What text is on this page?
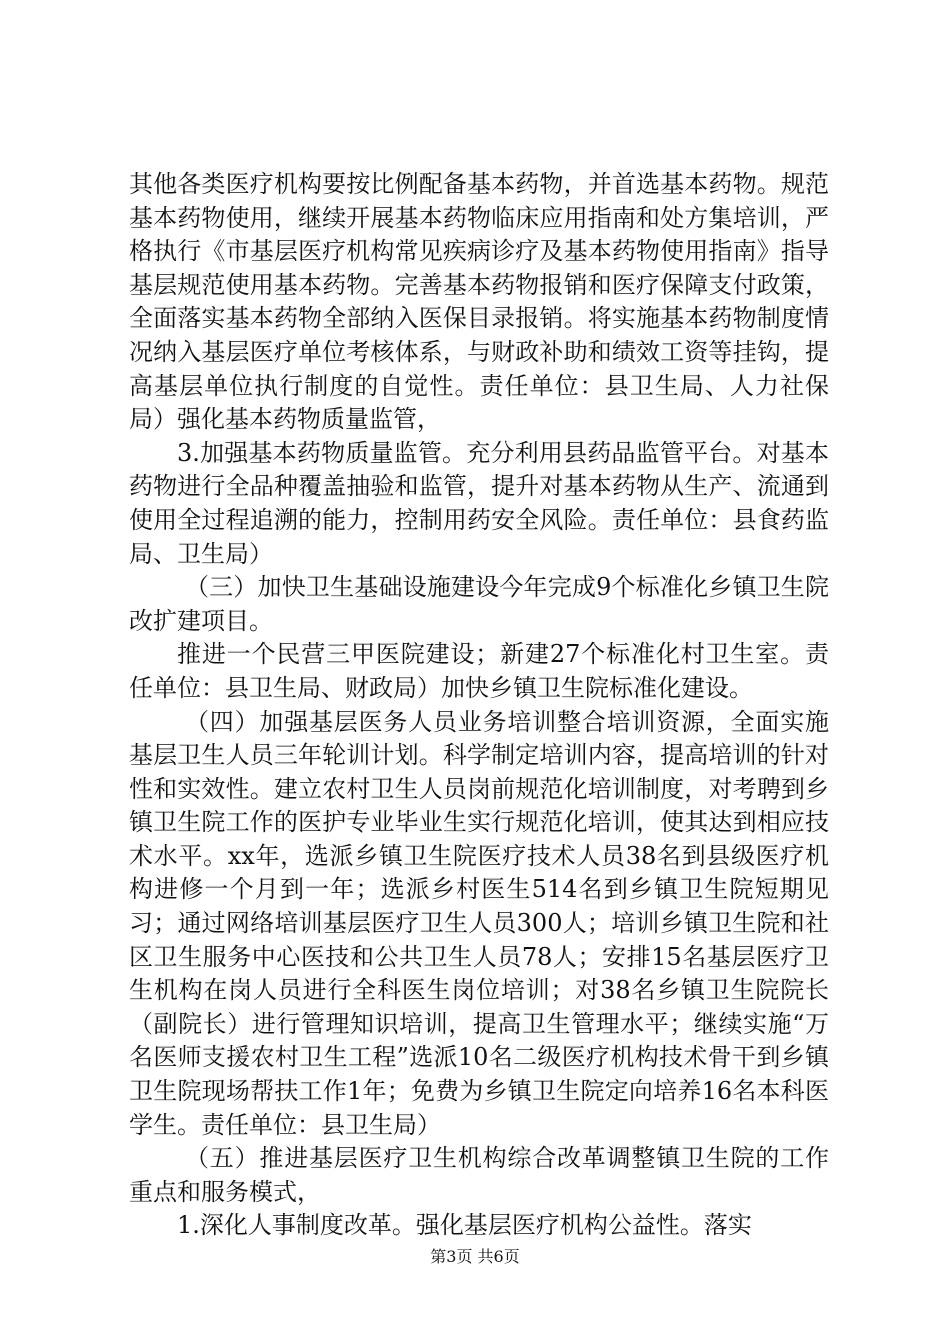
其他各类医疗机构要按比例配备基本药物，并首选基本药物。规范基本药物使用，继续开展基本药物临床应用指南和处方集培训，严格执行《市基层医疗机构常见疾病诊疗及基本药物使用指南》指导基层规范使用基本药物。完善基本药物报销和医疗保障支付政策，全面落实基本药物全部纳入医保目录报销。将实施基本药物制度情况纳入基层医疗单位考核体系，与财政补助和绩效工资等挂钩，提高基层单位执行制度的自觉性。责任单位：县卫生局、人力社保局）强化基本药物质量监管，

3.加强基本药物质量监管。充分利用县药品监管平台。对基本药物进行全品种覆盖抽验和监管，提升对基本药物从生产、流通到使用全过程追溯的能力，控制用药安全风险。责任单位：县食药监局、卫生局）

（三）加快卫生基础设施建设今年完成9个标准化乡镇卫生院改扩建项目。

推进一个民营三甲医院建设；新建27个标准化村卫生室。责任单位：县卫生局、财政局）加快乡镇卫生院标准化建设。

（四）加强基层医务人员业务培训整合培训资源，全面实施基层卫生人员三年轮训计划。科学制定培训内容，提高培训的针对性和实效性。建立农村卫生人员岗前规范化培训制度，对考聘到乡镇卫生院工作的医护专业毕业生实行规范化培训，使其达到相应技术水平。xx年，选派乡镇卫生院医疗技术人员38名到县级医疗机构进修一个月到一年；选派乡村医生514名到乡镇卫生院短期见习；通过网络培训基层医疗卫生人员300人；培训乡镇卫生院和社区卫生服务中心医技和公共卫生人员78人；安排15名基层医疗卫生机构在岗人员进行全科医生岗位培训；对38名乡镇卫生院院长（副院长）进行管理知识培训，提高卫生管理水平；继续实施“万名医师支援农村卫生工程”选派10名二级医疗机构技术骨干到乡镇卫生院现场帮扶工作1年；免费为乡镇卫生院定向培养16名本科医学生。责任单位：县卫生局）

（五）推进基层医疗卫生机构综合改革调整镇卫生院的工作重点和服务模式，

1.深化人事制度改革。强化基层医疗机构公益性。落实

第3页 共6页
